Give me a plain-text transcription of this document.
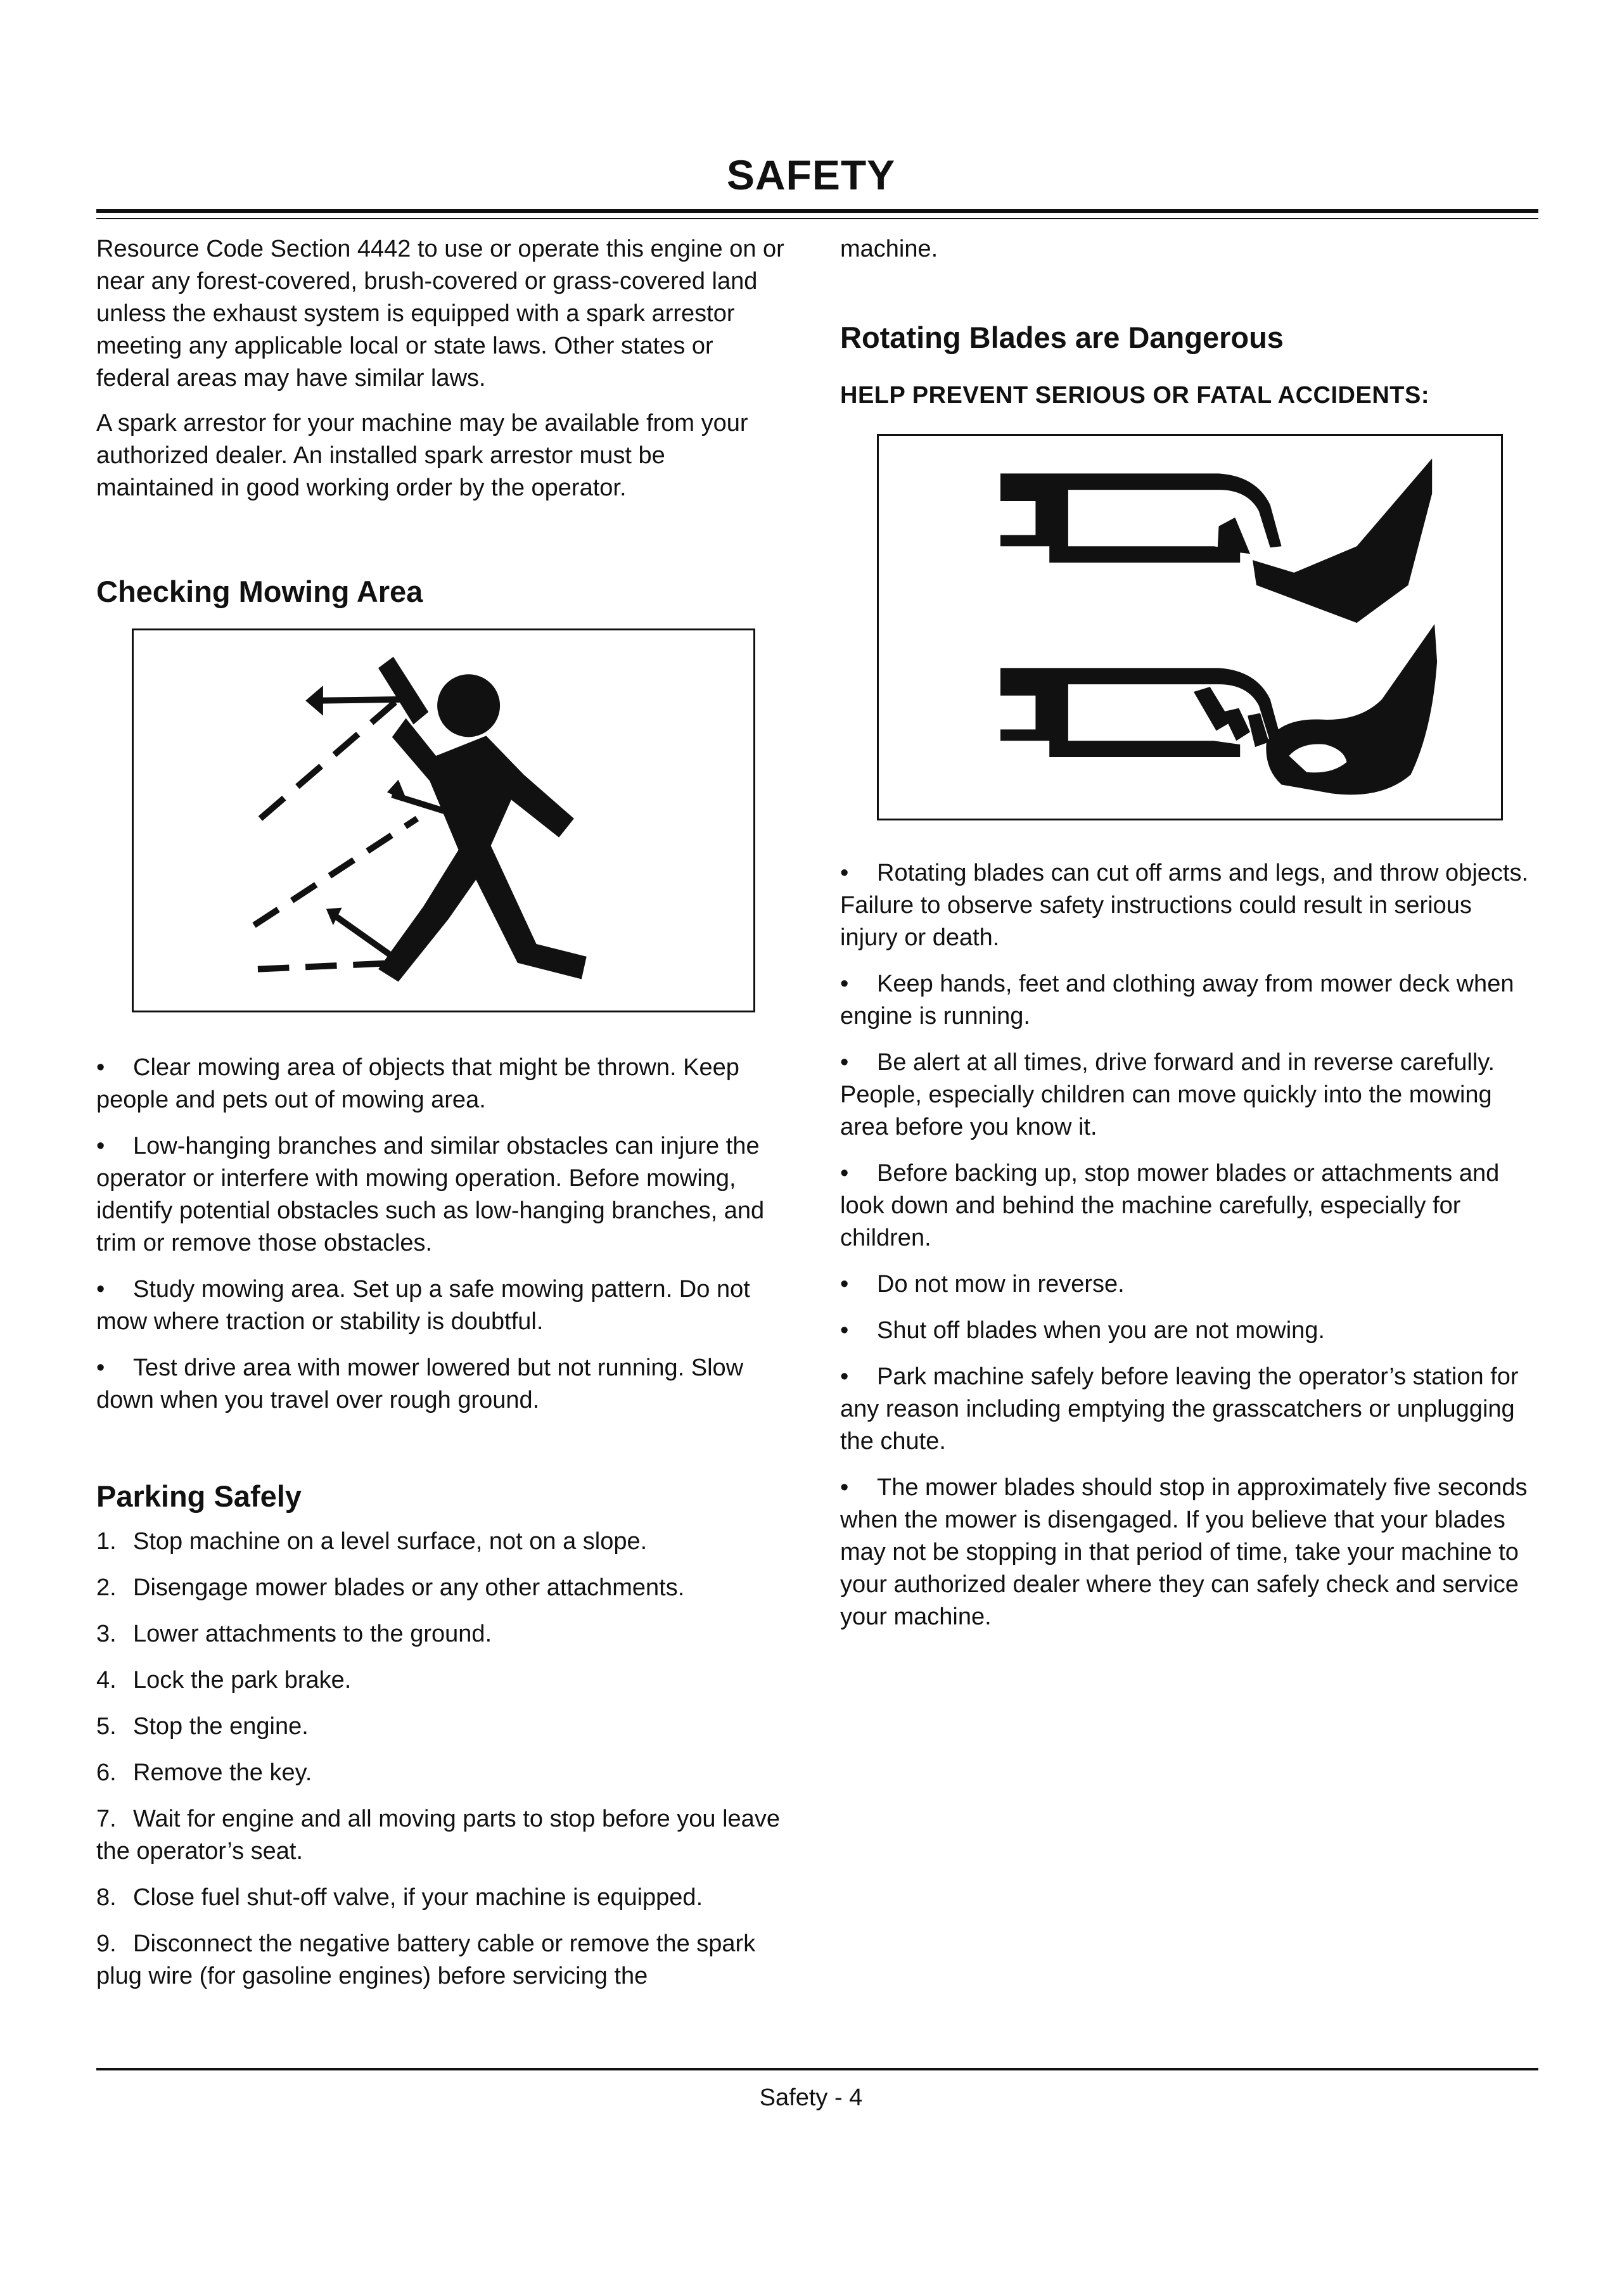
SAFETY

Resource Code Section 4442 to use or operate this engine on or near any forest-covered, brush-covered or grass-covered land unless the exhaust system is equipped with a spark arrestor meeting any applicable local or state laws. Other states or federal areas may have similar laws.

A spark arrestor for your machine may be available from your authorized dealer. An installed spark arrestor must be maintained in good working order by the operator.

Checking Mowing Area

• Clear mowing area of objects that might be thrown. Keep people and pets out of mowing area.

• Low-hanging branches and similar obstacles can injure the operator or interfere with mowing operation. Before mowing, identify potential obstacles such as low-hanging branches, and trim or remove those obstacles.

• Study mowing area. Set up a safe mowing pattern. Do not mow where traction or stability is doubtful.

• Test drive area with mower lowered but not running. Slow down when you travel over rough ground.

Parking Safely

1. Stop machine on a level surface, not on a slope.

2. Disengage mower blades or any other attachments.

3. Lower attachments to the ground.

4. Lock the park brake.

5. Stop the engine.

6. Remove the key.

7. Wait for engine and all moving parts to stop before you leave the operator’s seat.

8. Close fuel shut-off valve, if your machine is equipped.

9. Disconnect the negative battery cable or remove the spark plug wire (for gasoline engines) before servicing the

machine.

Rotating Blades are Dangerous
HELP PREVENT SERIOUS OR FATAL ACCIDENTS:

• Rotating blades can cut off arms and legs, and throw objects. Failure to observe safety instructions could result in serious injury or death.

• Keep hands, feet and clothing away from mower deck when engine is running.

• Be alert at all times, drive forward and in reverse carefully. People, especially children can move quickly into the mowing area before you know it.

• Before backing up, stop mower blades or attachments and look down and behind the machine carefully, especially for children.

• Do not mow in reverse.

• Shut off blades when you are not mowing.

• Park machine safely before leaving the operator’s station for any reason including emptying the grasscatchers or unplugging the chute.

• The mower blades should stop in approximately five seconds when the mower is disengaged. If you believe that your blades may not be stopping in that period of time, take your machine to your authorized dealer where they can safely check and service your machine.

Safety - 4
